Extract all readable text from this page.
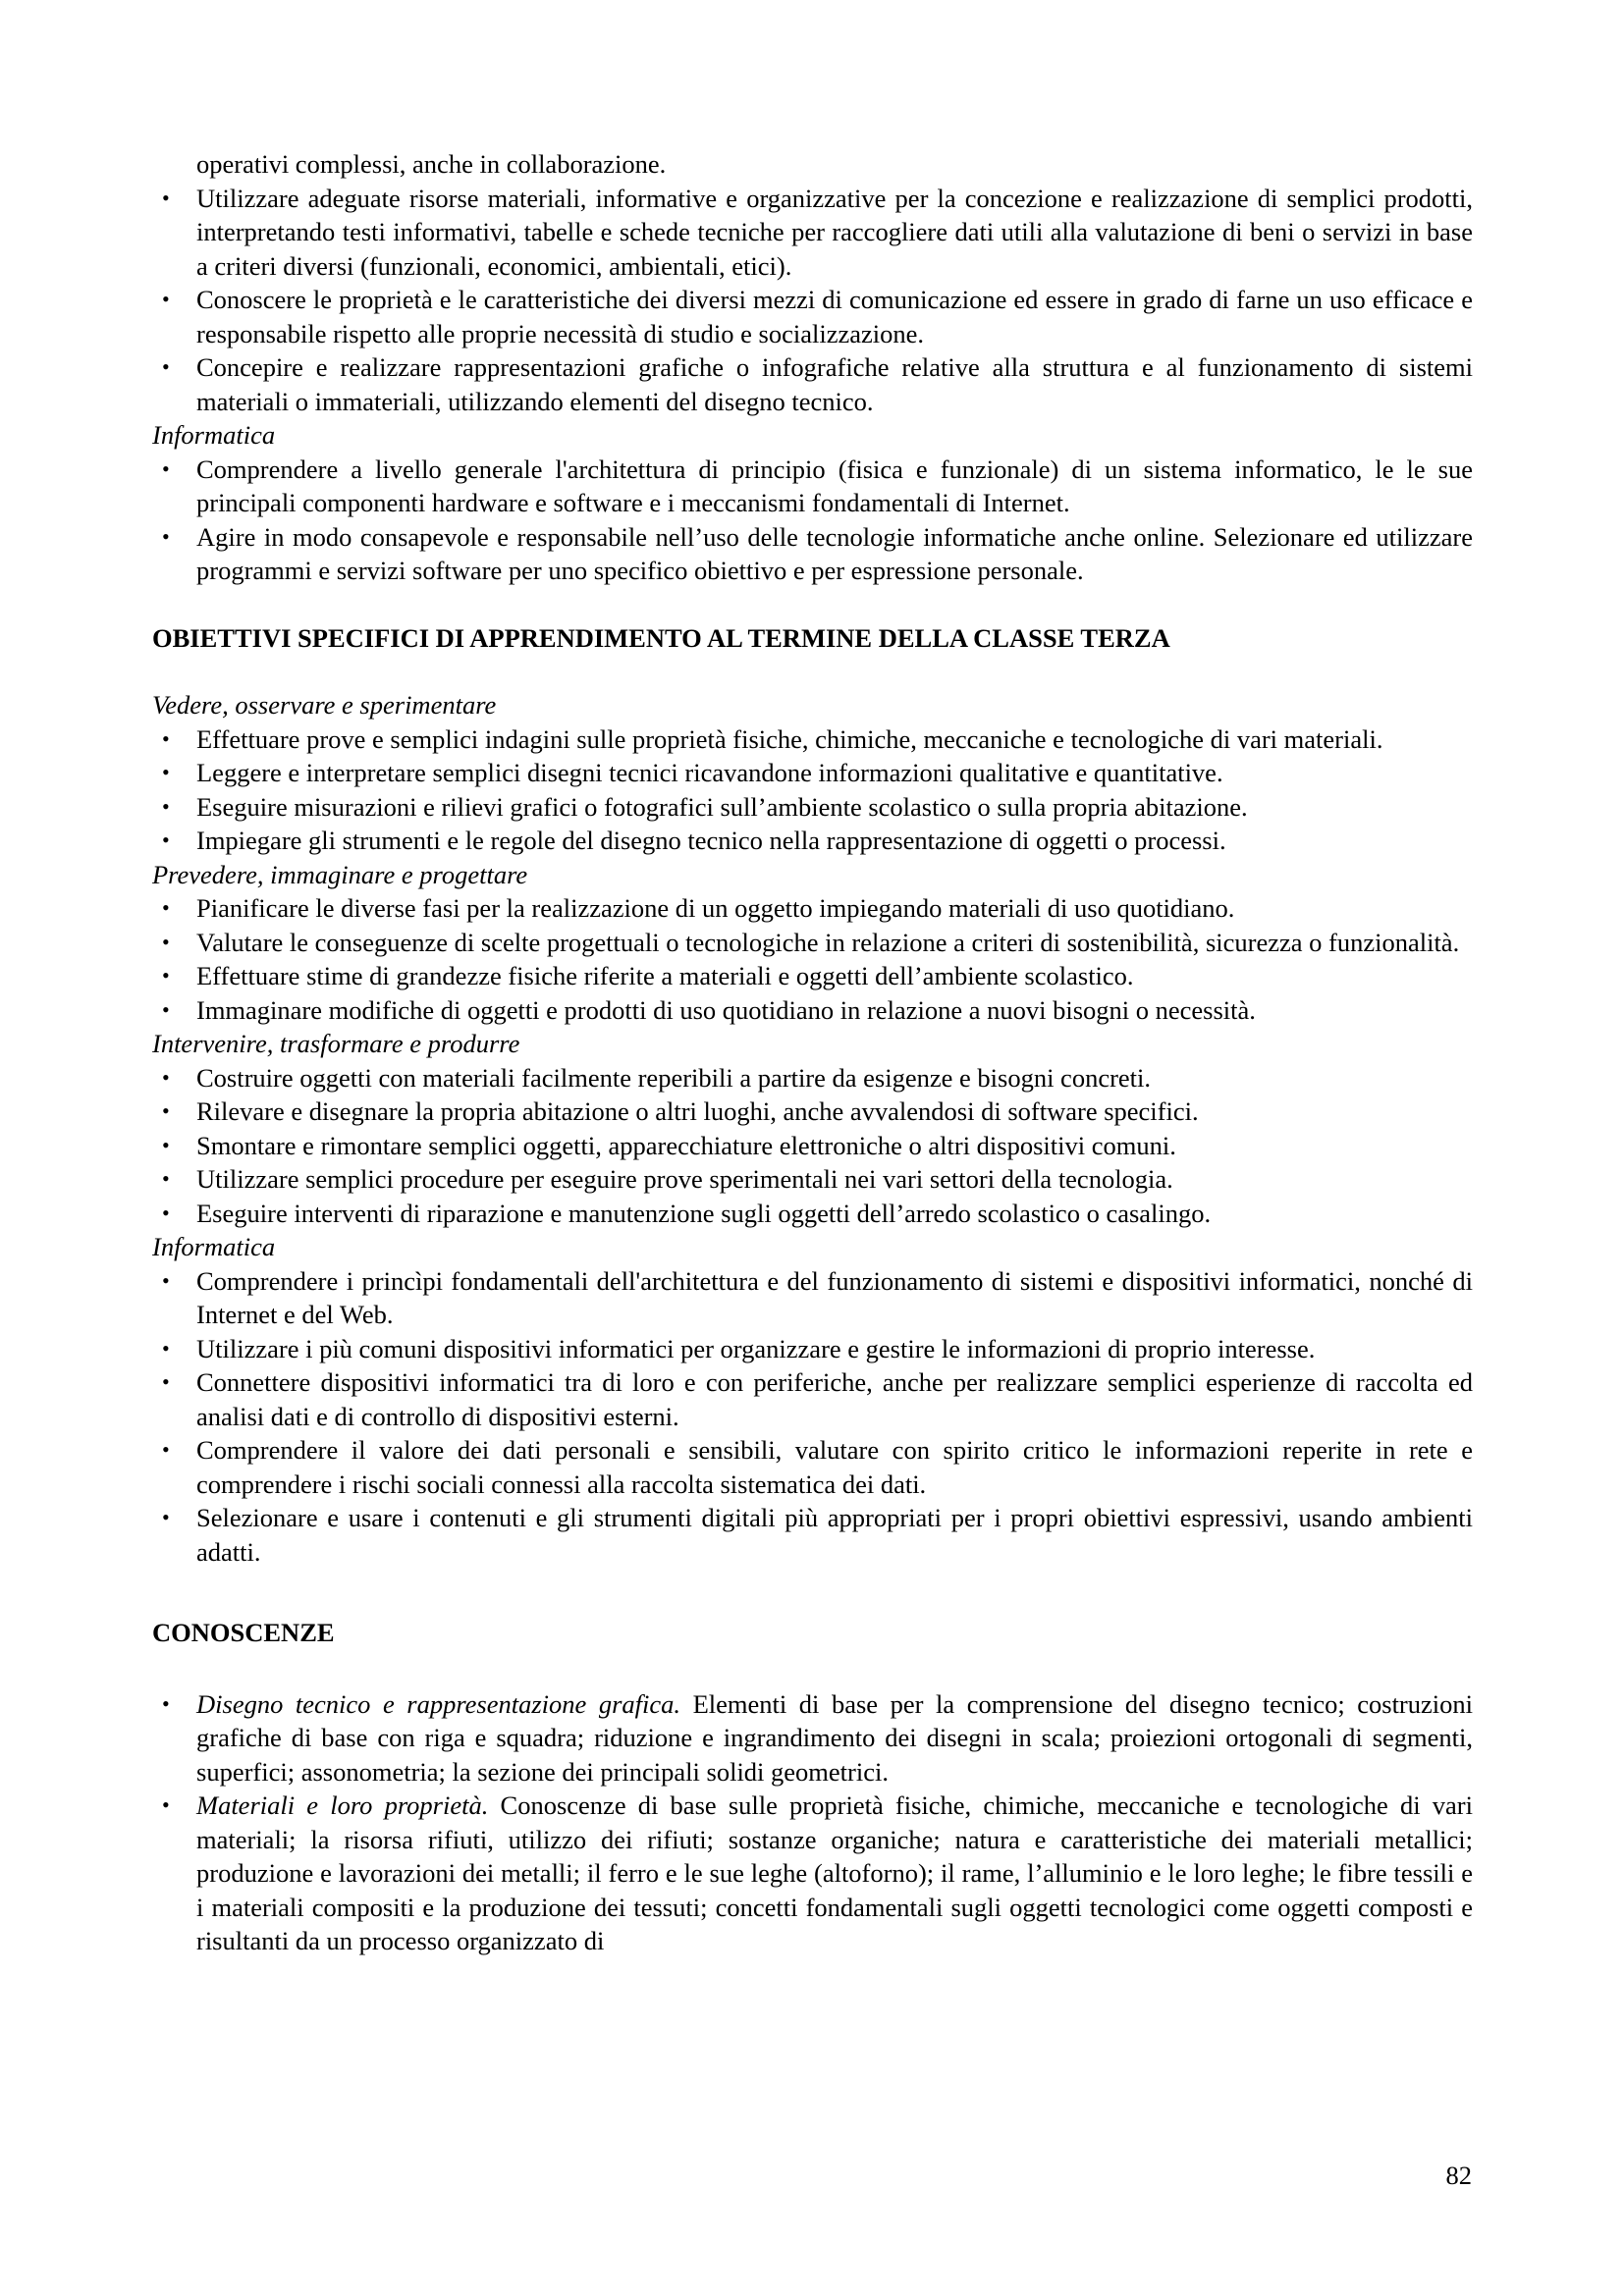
operativi complessi, anche in collaborazione.
• Utilizzare adeguate risorse materiali, informative e organizzative per la concezione e realizzazione di semplici prodotti, interpretando testi informativi, tabelle e schede tecniche per raccogliere dati utili alla valutazione di beni o servizi in base a criteri diversi (funzionali, economici, ambientali, etici).
• Conoscere le proprietà e le caratteristiche dei diversi mezzi di comunicazione ed essere in grado di farne un uso efficace e responsabile rispetto alle proprie necessità di studio e socializzazione.
• Concepire e realizzare rappresentazioni grafiche o infografiche relative alla struttura e al funzionamento di sistemi materiali o immateriali, utilizzando elementi del disegno tecnico.
Informatica
• Comprendere a livello generale l'architettura di principio (fisica e funzionale) di un sistema informatico, le le sue principali componenti hardware e software e i meccanismi fondamentali di Internet.
• Agire in modo consapevole e responsabile nell’uso delle tecnologie informatiche anche online. Selezionare ed utilizzare programmi e servizi software per uno specifico obiettivo e per espressione personale.
OBIETTIVI SPECIFICI DI APPRENDIMENTO AL TERMINE DELLA CLASSE TERZA
Vedere, osservare e sperimentare
• Effettuare prove e semplici indagini sulle proprietà fisiche, chimiche, meccaniche e tecnologiche di vari materiali.
• Leggere e interpretare semplici disegni tecnici ricavandone informazioni qualitative e quantitative.
• Eseguire misurazioni e rilievi grafici o fotografici sull’ambiente scolastico o sulla propria abitazione.
• Impiegare gli strumenti e le regole del disegno tecnico nella rappresentazione di oggetti o processi.
Prevedere, immaginare e progettare
• Pianificare le diverse fasi per la realizzazione di un oggetto impiegando materiali di uso quotidiano.
• Valutare le conseguenze di scelte progettuali o tecnologiche in relazione a criteri di sostenibilità, sicurezza o funzionalità.
• Effettuare stime di grandezze fisiche riferite a materiali e oggetti dell’ambiente scolastico.
• Immaginare modifiche di oggetti e prodotti di uso quotidiano in relazione a nuovi bisogni o necessità.
Intervenire, trasformare e produrre
• Costruire oggetti con materiali facilmente reperibili a partire da esigenze e bisogni concreti.
• Rilevare e disegnare la propria abitazione o altri luoghi, anche avvalendosi di software specifici.
• Smontare e rimontare semplici oggetti, apparecchiature elettroniche o altri dispositivi comuni.
• Utilizzare semplici procedure per eseguire prove sperimentali nei vari settori della tecnologia.
• Eseguire interventi di riparazione e manutenzione sugli oggetti dell’arredo scolastico o casalingo.
Informatica
• Comprendere i princìpi fondamentali dell'architettura e del funzionamento di sistemi e dispositivi informatici, nonché di Internet e del Web.
• Utilizzare i più comuni dispositivi informatici per organizzare e gestire le informazioni di proprio interesse.
• Connettere dispositivi informatici tra di loro e con periferiche, anche per realizzare semplici esperienze di raccolta ed analisi dati e di controllo di dispositivi esterni.
• Comprendere il valore dei dati personali e sensibili, valutare con spirito critico le informazioni reperite in rete e comprendere i rischi sociali connessi alla raccolta sistematica dei dati.
• Selezionare e usare i contenuti e gli strumenti digitali più appropriati per i propri obiettivi espressivi, usando ambienti adatti.
CONOSCENZE
• Disegno tecnico e rappresentazione grafica. Elementi di base per la comprensione del disegno tecnico; costruzioni grafiche di base con riga e squadra; riduzione e ingrandimento dei disegni in scala; proiezioni ortogonali di segmenti, superfici; assonometria; la sezione dei principali solidi geometrici.
• Materiali e loro proprietà. Conoscenze di base sulle proprietà fisiche, chimiche, meccaniche e tecnologiche di vari materiali; la risorsa rifiuti, utilizzo dei rifiuti; sostanze organiche; natura e caratteristiche dei materiali metallici; produzione e lavorazioni dei metalli; il ferro e le sue leghe (altoforno); il rame, l’alluminio e le loro leghe; le fibre tessili e i materiali compositi e la produzione dei tessuti; concetti fondamentali sugli oggetti tecnologici come oggetti composti e risultanti da un processo organizzato di
82
